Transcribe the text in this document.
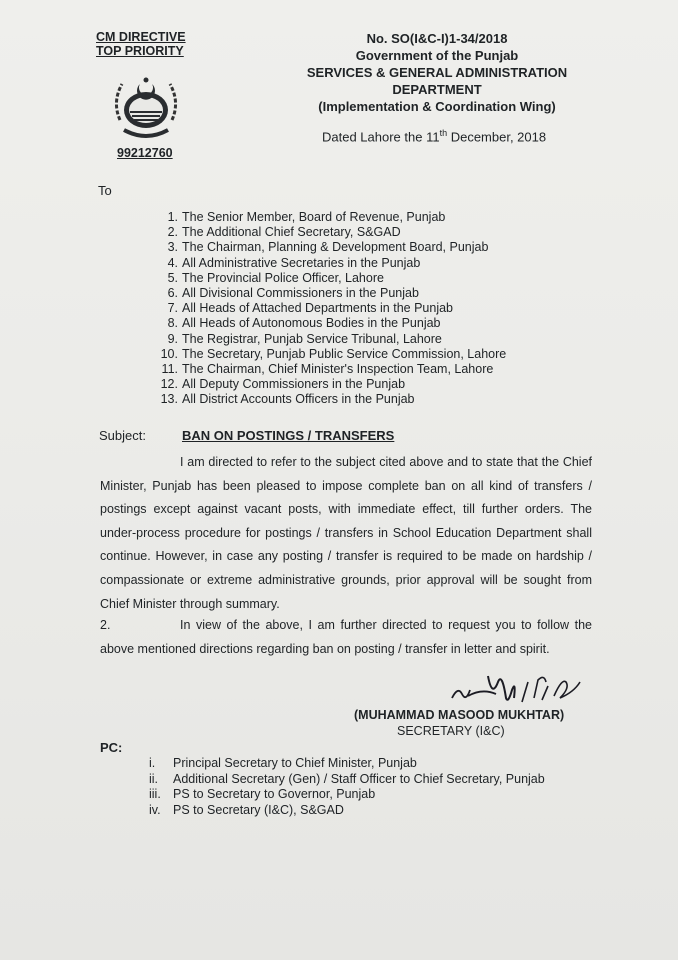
CM DIRECTIVE
TOP PRIORITY
99212760
No. SO(I&C-I)1-34/2018
Government of the Punjab
SERVICES & GENERAL ADMINISTRATION
DEPARTMENT
(Implementation & Coordination Wing)
Dated Lahore the 11th December, 2018
To
1. The Senior Member, Board of Revenue, Punjab
2. The Additional Chief Secretary, S&GAD
3. The Chairman, Planning & Development Board, Punjab
4. All Administrative Secretaries in the Punjab
5. The Provincial Police Officer, Lahore
6. All Divisional Commissioners in the Punjab
7. All Heads of Attached Departments in the Punjab
8. All Heads of Autonomous Bodies in the Punjab
9. The Registrar, Punjab Service Tribunal, Lahore
10. The Secretary, Punjab Public Service Commission, Lahore
11. The Chairman, Chief Minister's Inspection Team, Lahore
12. All Deputy Commissioners in the Punjab
13. All District Accounts Officers in the Punjab
Subject:	BAN ON POSTINGS / TRANSFERS
I am directed to refer to the subject cited above and to state that the Chief Minister, Punjab has been pleased to impose complete ban on all kind of transfers / postings except against vacant posts, with immediate effect, till further orders. The under-process procedure for postings / transfers in School Education Department shall continue. However, in case any posting / transfer is required to be made on hardship / compassionate or extreme administrative grounds, prior approval will be sought from Chief Minister through summary.
2.	In view of the above, I am further directed to request you to follow the above mentioned directions regarding ban on posting / transfer in letter and spirit.
(MUHAMMAD MASOOD MUKHTAR)
SECRETARY (I&C)
PC:
i. Principal Secretary to Chief Minister, Punjab
ii. Additional Secretary (Gen) / Staff Officer to Chief Secretary, Punjab
iii. PS to Secretary to Governor, Punjab
iv. PS to Secretary (I&C), S&GAD
